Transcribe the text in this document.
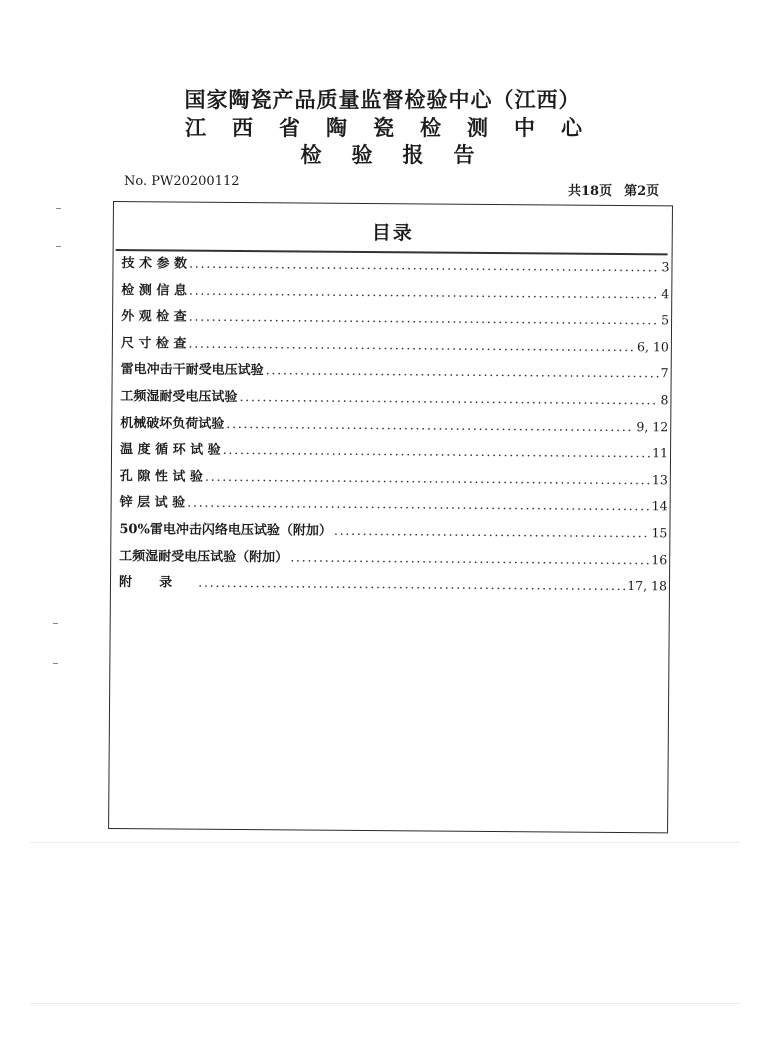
国家陶瓷产品质量监督检验中心（江西）
江西省陶瓷检测中心
检验报告
No. PW20200112
共18页 第2页
目录
技 术 参 数 .....	3
检 测 信 息 .....	4
外 观 检 查 .....	5
尺 寸 检 查 .....	6, 10
雷电冲击干耐受电压试验 .....	7
工频湿耐受电压试验 .....	8
机械破坏负荷试验 .....	9, 12
温 度 循 环 试 验 .....	11
孔 隙 性 试 验 .....	13
锌 层 试 验 .....	14
50%雷电冲击闪络电压试验（附加） .....	15
工频湿耐受电压试验（附加） .....	16
附      录 .....	17, 18
